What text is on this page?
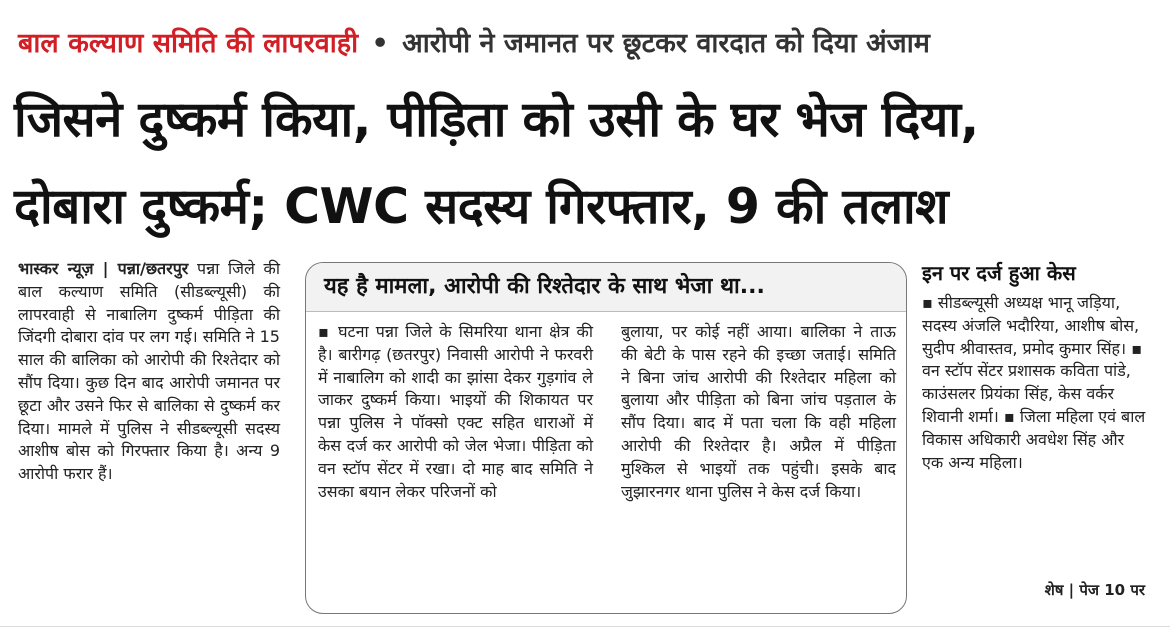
बाल कल्याण समिति की लापरवाही • आरोपी ने जमानत पर छूटकर वारदात को दिया अंजाम
जिसने दुष्कर्म किया, पीड़िता को उसी के घर भेज दिया,
दोबारा दुष्कर्म; CWC सदस्य गिरफ्तार, 9 की तलाश
भास्कर न्यूज़ | पन्ना/छतरपुर पन्ना जिले की बाल कल्याण समिति (सीडब्ल्यूसी) की लापरवाही से नाबालिग दुष्कर्म पीड़िता की जिंदगी दोबारा दांव पर लग गई। समिति ने 15 साल की बालिका को आरोपी की रिश्तेदार को सौंप दिया। कुछ दिन बाद आरोपी जमानत पर छूटा और उसने फिर से बालिका से दुष्कर्म कर दिया। मामले में पुलिस ने सीडब्ल्यूसी सदस्य आशीष बोस को गिरफ्तार किया है। अन्य 9 आरोपी फरार हैं।
यह है मामला, आरोपी की रिश्तेदार के साथ भेजा था...
▪ घटना पन्ना जिले के सिमरिया थाना क्षेत्र की है। बारीगढ़ (छतरपुर) निवासी आरोपी ने फरवरी में नाबालिग को शादी का झांसा देकर गुड़गांव ले जाकर दुष्कर्म किया। भाइयों की शिकायत पर पन्ना पुलिस ने पॉक्सो एक्ट सहित धाराओं में केस दर्ज कर आरोपी को जेल भेजा। पीड़िता को वन स्टॉप सेंटर में रखा। दो माह बाद समिति ने उसका बयान लेकर परिजनों को
बुलाया, पर कोई नहीं आया। बालिका ने ताऊ की बेटी के पास रहने की इच्छा जताई। समिति ने बिना जांच आरोपी की रिश्तेदार महिला को बुलाया और पीड़िता को बिना जांच पड़ताल के सौंप दिया। बाद में पता चला कि वही महिला आरोपी की रिश्तेदार है। अप्रैल में पीड़िता मुश्किल से भाइयों तक पहुंची। इसके बाद जुझारनगर थाना पुलिस ने केस दर्ज किया।
इन पर दर्ज हुआ केस
▪ सीडब्ल्यूसी अध्यक्ष भानू जड़िया, सदस्य अंजलि भदौरिया, आशीष बोस, सुदीप श्रीवास्तव, प्रमोद कुमार सिंह। ▪ वन स्टॉप सेंटर प्रशासक कविता पांडे, काउंसलर प्रियंका सिंह, केस वर्कर शिवानी शर्मा। ▪ जिला महिला एवं बाल विकास अधिकारी अवधेश सिंह और एक अन्य महिला।
शेष | पेज 10 पर
